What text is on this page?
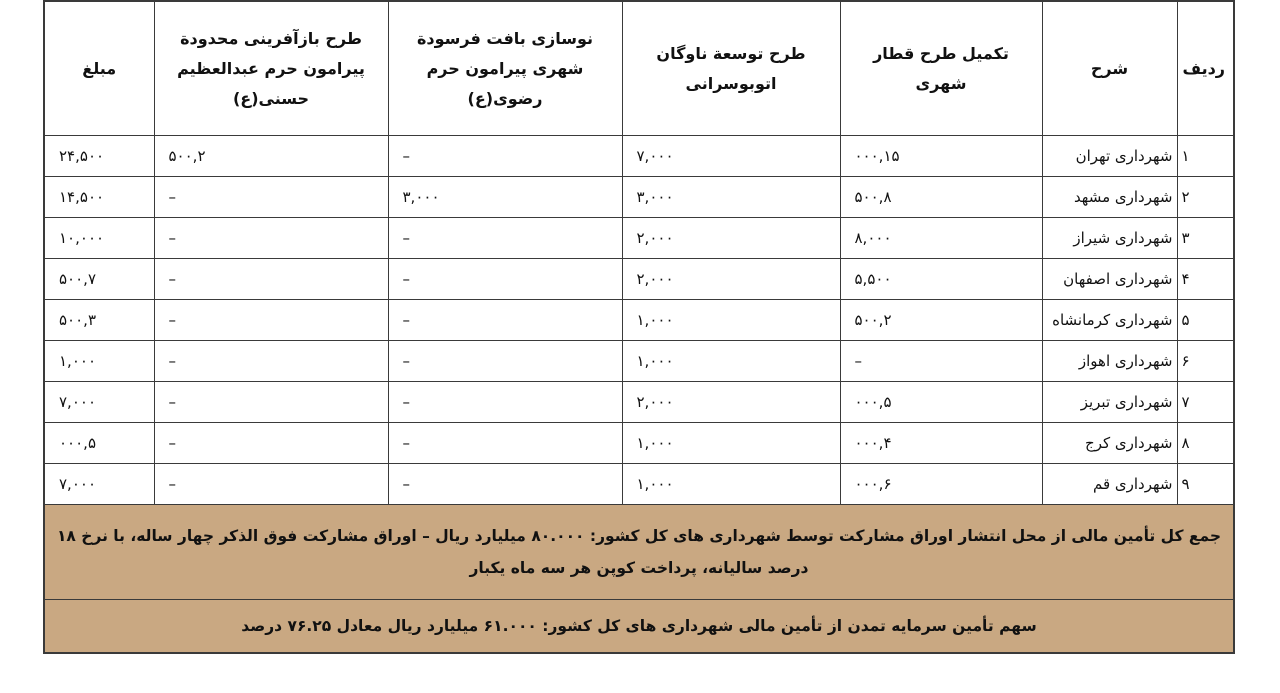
ردیف	شرح	تکمیل طرح قطار شهری	طرح توسعة ناوگان اتوبوسرانی	نوسازی بافت فرسودة شهری پیرامون حرم رضوی(ع)	طرح بازآفرینی محدودة پیرامون حرم عبدالعظیم حسنی(ع)	مبلغ
١	شهرداری تهران	١۵,٠٠٠	٧,٠٠٠	–	٢,۵٠٠	٢۴,۵٠٠
٢	شهرداری مشهد	٨,۵٠٠	٣,٠٠٠	٣,٠٠٠	–	١۴,۵٠٠
٣	شهرداری شیراز	٨,٠٠٠	٢,٠٠٠	–	–	١٠,٠٠٠
۴	شهرداری اصفهان	۵,۵٠٠	٢,٠٠٠	–	–	٧,۵٠٠
۵	شهرداری کرمانشاه	٢,۵٠٠	١,٠٠٠	–	–	٣,۵٠٠
۶	شهرداری اهواز	–	١,٠٠٠	–	–	١,٠٠٠
٧	شهرداری تبریز	۵,٠٠٠	٢,٠٠٠	–	–	٧,٠٠٠
٨	شهرداری کرج	۴,٠٠٠	١,٠٠٠	–	–	۵,٠٠٠
٩	شهرداری قم	۶,٠٠٠	١,٠٠٠	–	–	٧,٠٠٠
جمع کل تأمین مالی از محل انتشار اوراق مشارکت توسط شهرداری های کل کشور: ٨٠.٠٠٠ میلیارد ریال – اوراق مشارکت فوق الذکر چهار ساله، با نرخ ١٨ درصد سالیانه، پرداخت کوپن هر سه ماه یکبار						
سهم تأمین سرمایه تمدن از تأمین مالی شهرداری های کل کشور: ۶١.٠٠٠ میلیارد ریال معادل ٧۶.٢۵ درصد						
